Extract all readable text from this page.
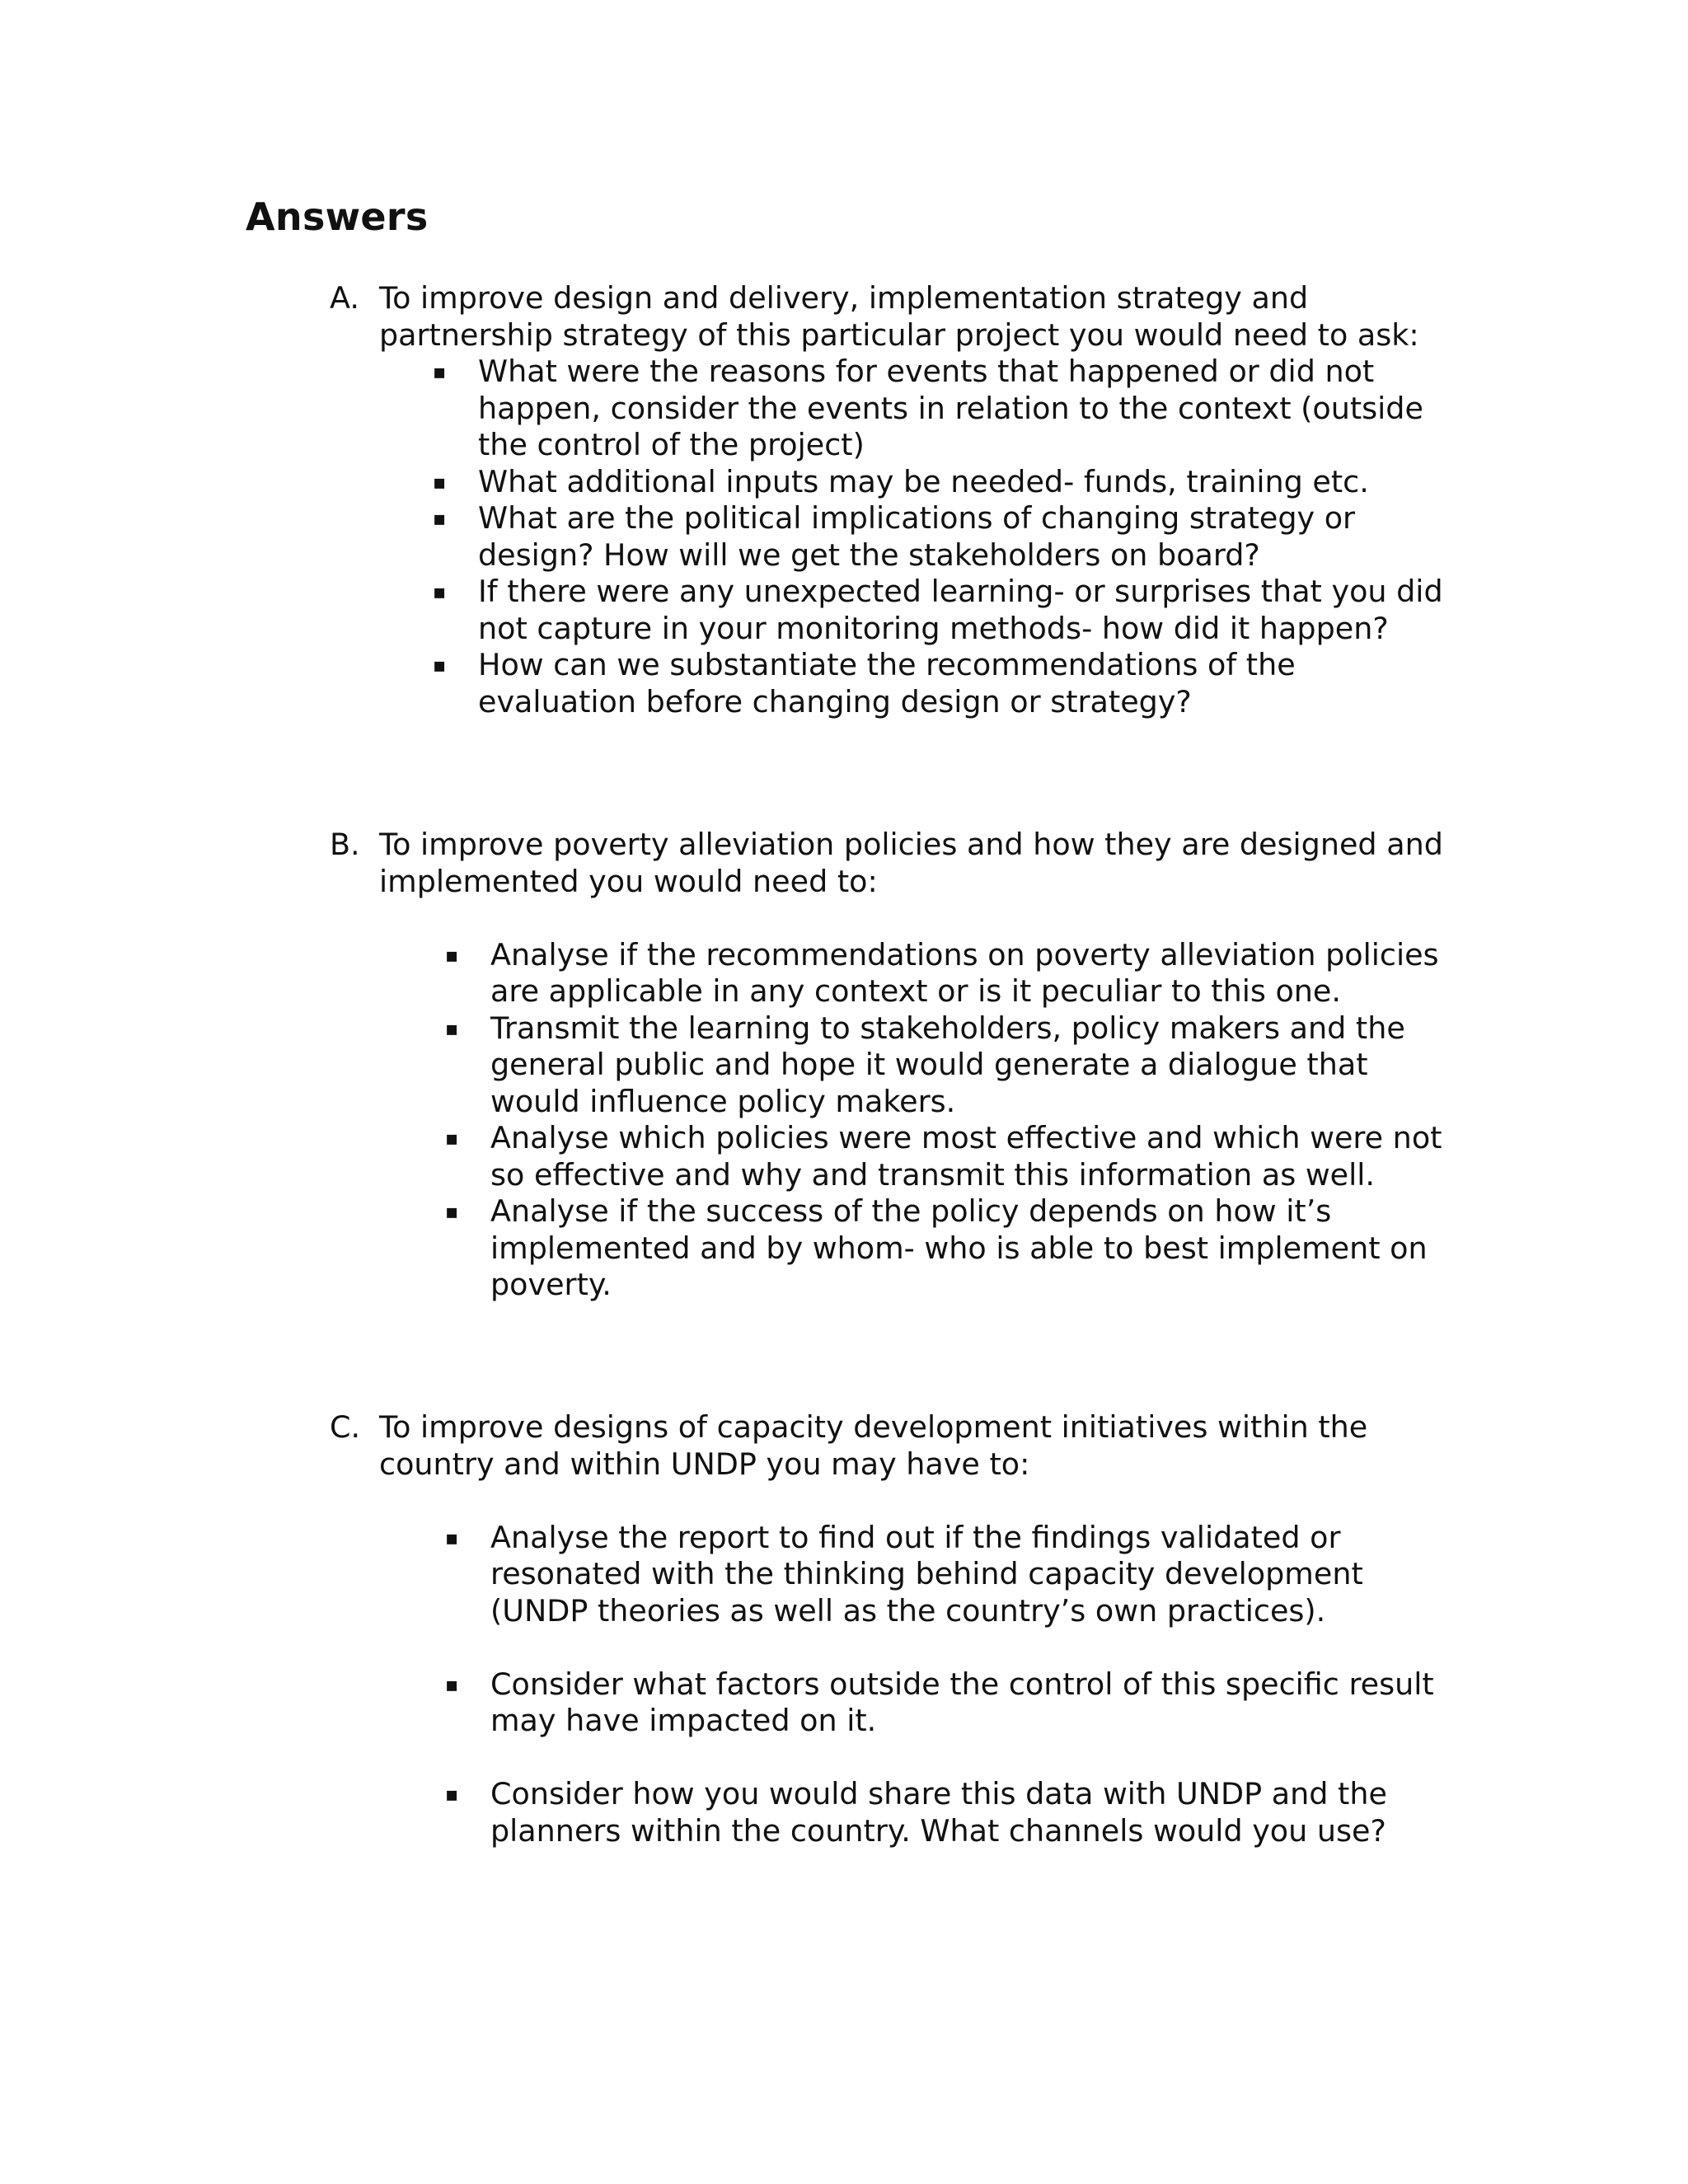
Answers

A. To improve design and delivery, implementation strategy and partnership strategy of this particular project you would need to ask:

▪ What were the reasons for events that happened or did not happen, consider the events in relation to the context (outside the control of the project)
▪ What additional inputs may be needed- funds, training etc.
▪ What are the political implications of changing strategy or design? How will we get the stakeholders on board?
▪ If there were any unexpected learning- or surprises that you did not capture in your monitoring methods- how did it happen?
▪ How can we substantiate the recommendations of the evaluation before changing design or strategy?

B. To improve poverty alleviation policies and how they are designed and implemented you would need to:

▪ Analyse if the recommendations on poverty alleviation policies are applicable in any context or is it peculiar to this one.
▪ Transmit the learning to stakeholders, policy makers and the general public and hope it would generate a dialogue that would influence policy makers.
▪ Analyse which policies were most effective and which were not so effective and why and transmit this information as well.
▪ Analyse if the success of the policy depends on how it’s implemented and by whom- who is able to best implement on poverty.

C. To improve designs of capacity development initiatives within the country and within UNDP you may have to:

▪ Analyse the report to find out if the findings validated or resonated with the thinking behind capacity development (UNDP theories as well as the country’s own practices).
▪ Consider what factors outside the control of this specific result may have impacted on it.
▪ Consider how you would share this data with UNDP and the planners within the country. What channels would you use?
